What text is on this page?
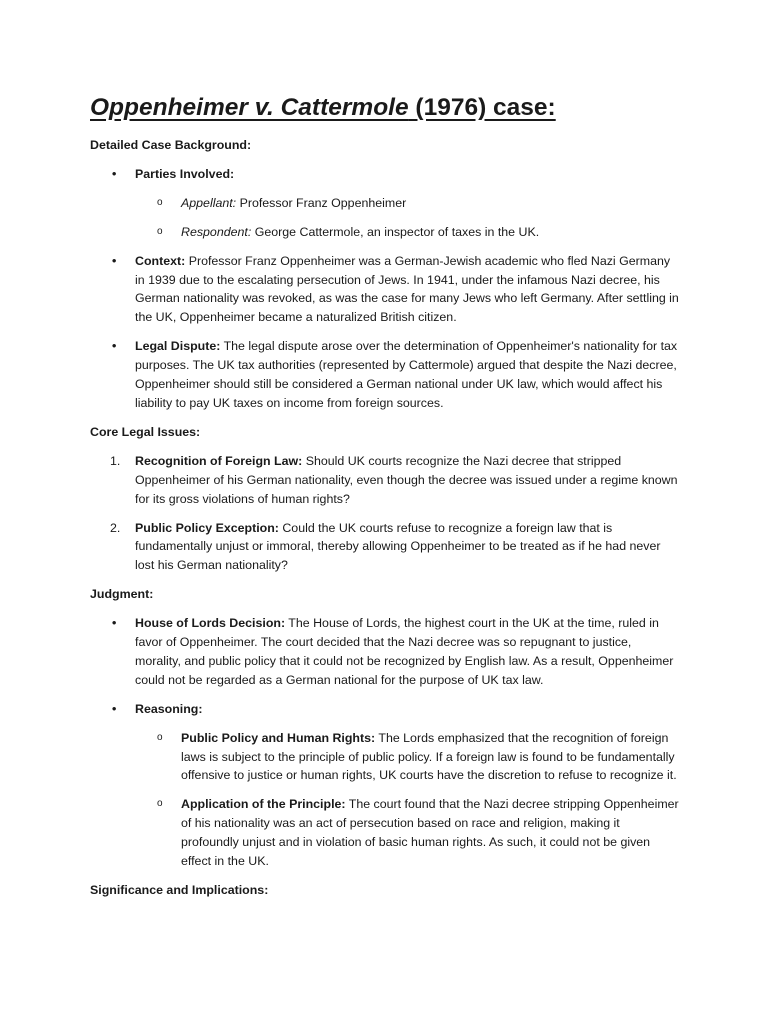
Oppenheimer v. Cattermole (1976) case:

Detailed Case Background:

• Parties Involved:
o Appellant: Professor Franz Oppenheimer
o Respondent: George Cattermole, an inspector of taxes in the UK.
• Context: Professor Franz Oppenheimer was a German-Jewish academic who fled Nazi Germany in 1939 due to the escalating persecution of Jews. In 1941, under the infamous Nazi decree, his German nationality was revoked, as was the case for many Jews who left Germany. After settling in the UK, Oppenheimer became a naturalized British citizen.
• Legal Dispute: The legal dispute arose over the determination of Oppenheimer's nationality for tax purposes. The UK tax authorities (represented by Cattermole) argued that despite the Nazi decree, Oppenheimer should still be considered a German national under UK law, which would affect his liability to pay UK taxes on income from foreign sources.

Core Legal Issues:

1. Recognition of Foreign Law: Should UK courts recognize the Nazi decree that stripped Oppenheimer of his German nationality, even though the decree was issued under a regime known for its gross violations of human rights?
2. Public Policy Exception: Could the UK courts refuse to recognize a foreign law that is fundamentally unjust or immoral, thereby allowing Oppenheimer to be treated as if he had never lost his German nationality?

Judgment:

• House of Lords Decision: The House of Lords, the highest court in the UK at the time, ruled in favor of Oppenheimer. The court decided that the Nazi decree was so repugnant to justice, morality, and public policy that it could not be recognized by English law. As a result, Oppenheimer could not be regarded as a German national for the purpose of UK tax law.
• Reasoning:
o Public Policy and Human Rights: The Lords emphasized that the recognition of foreign laws is subject to the principle of public policy. If a foreign law is found to be fundamentally offensive to justice or human rights, UK courts have the discretion to refuse to recognize it.
o Application of the Principle: The court found that the Nazi decree stripping Oppenheimer of his nationality was an act of persecution based on race and religion, making it profoundly unjust and in violation of basic human rights. As such, it could not be given effect in the UK.

Significance and Implications:
